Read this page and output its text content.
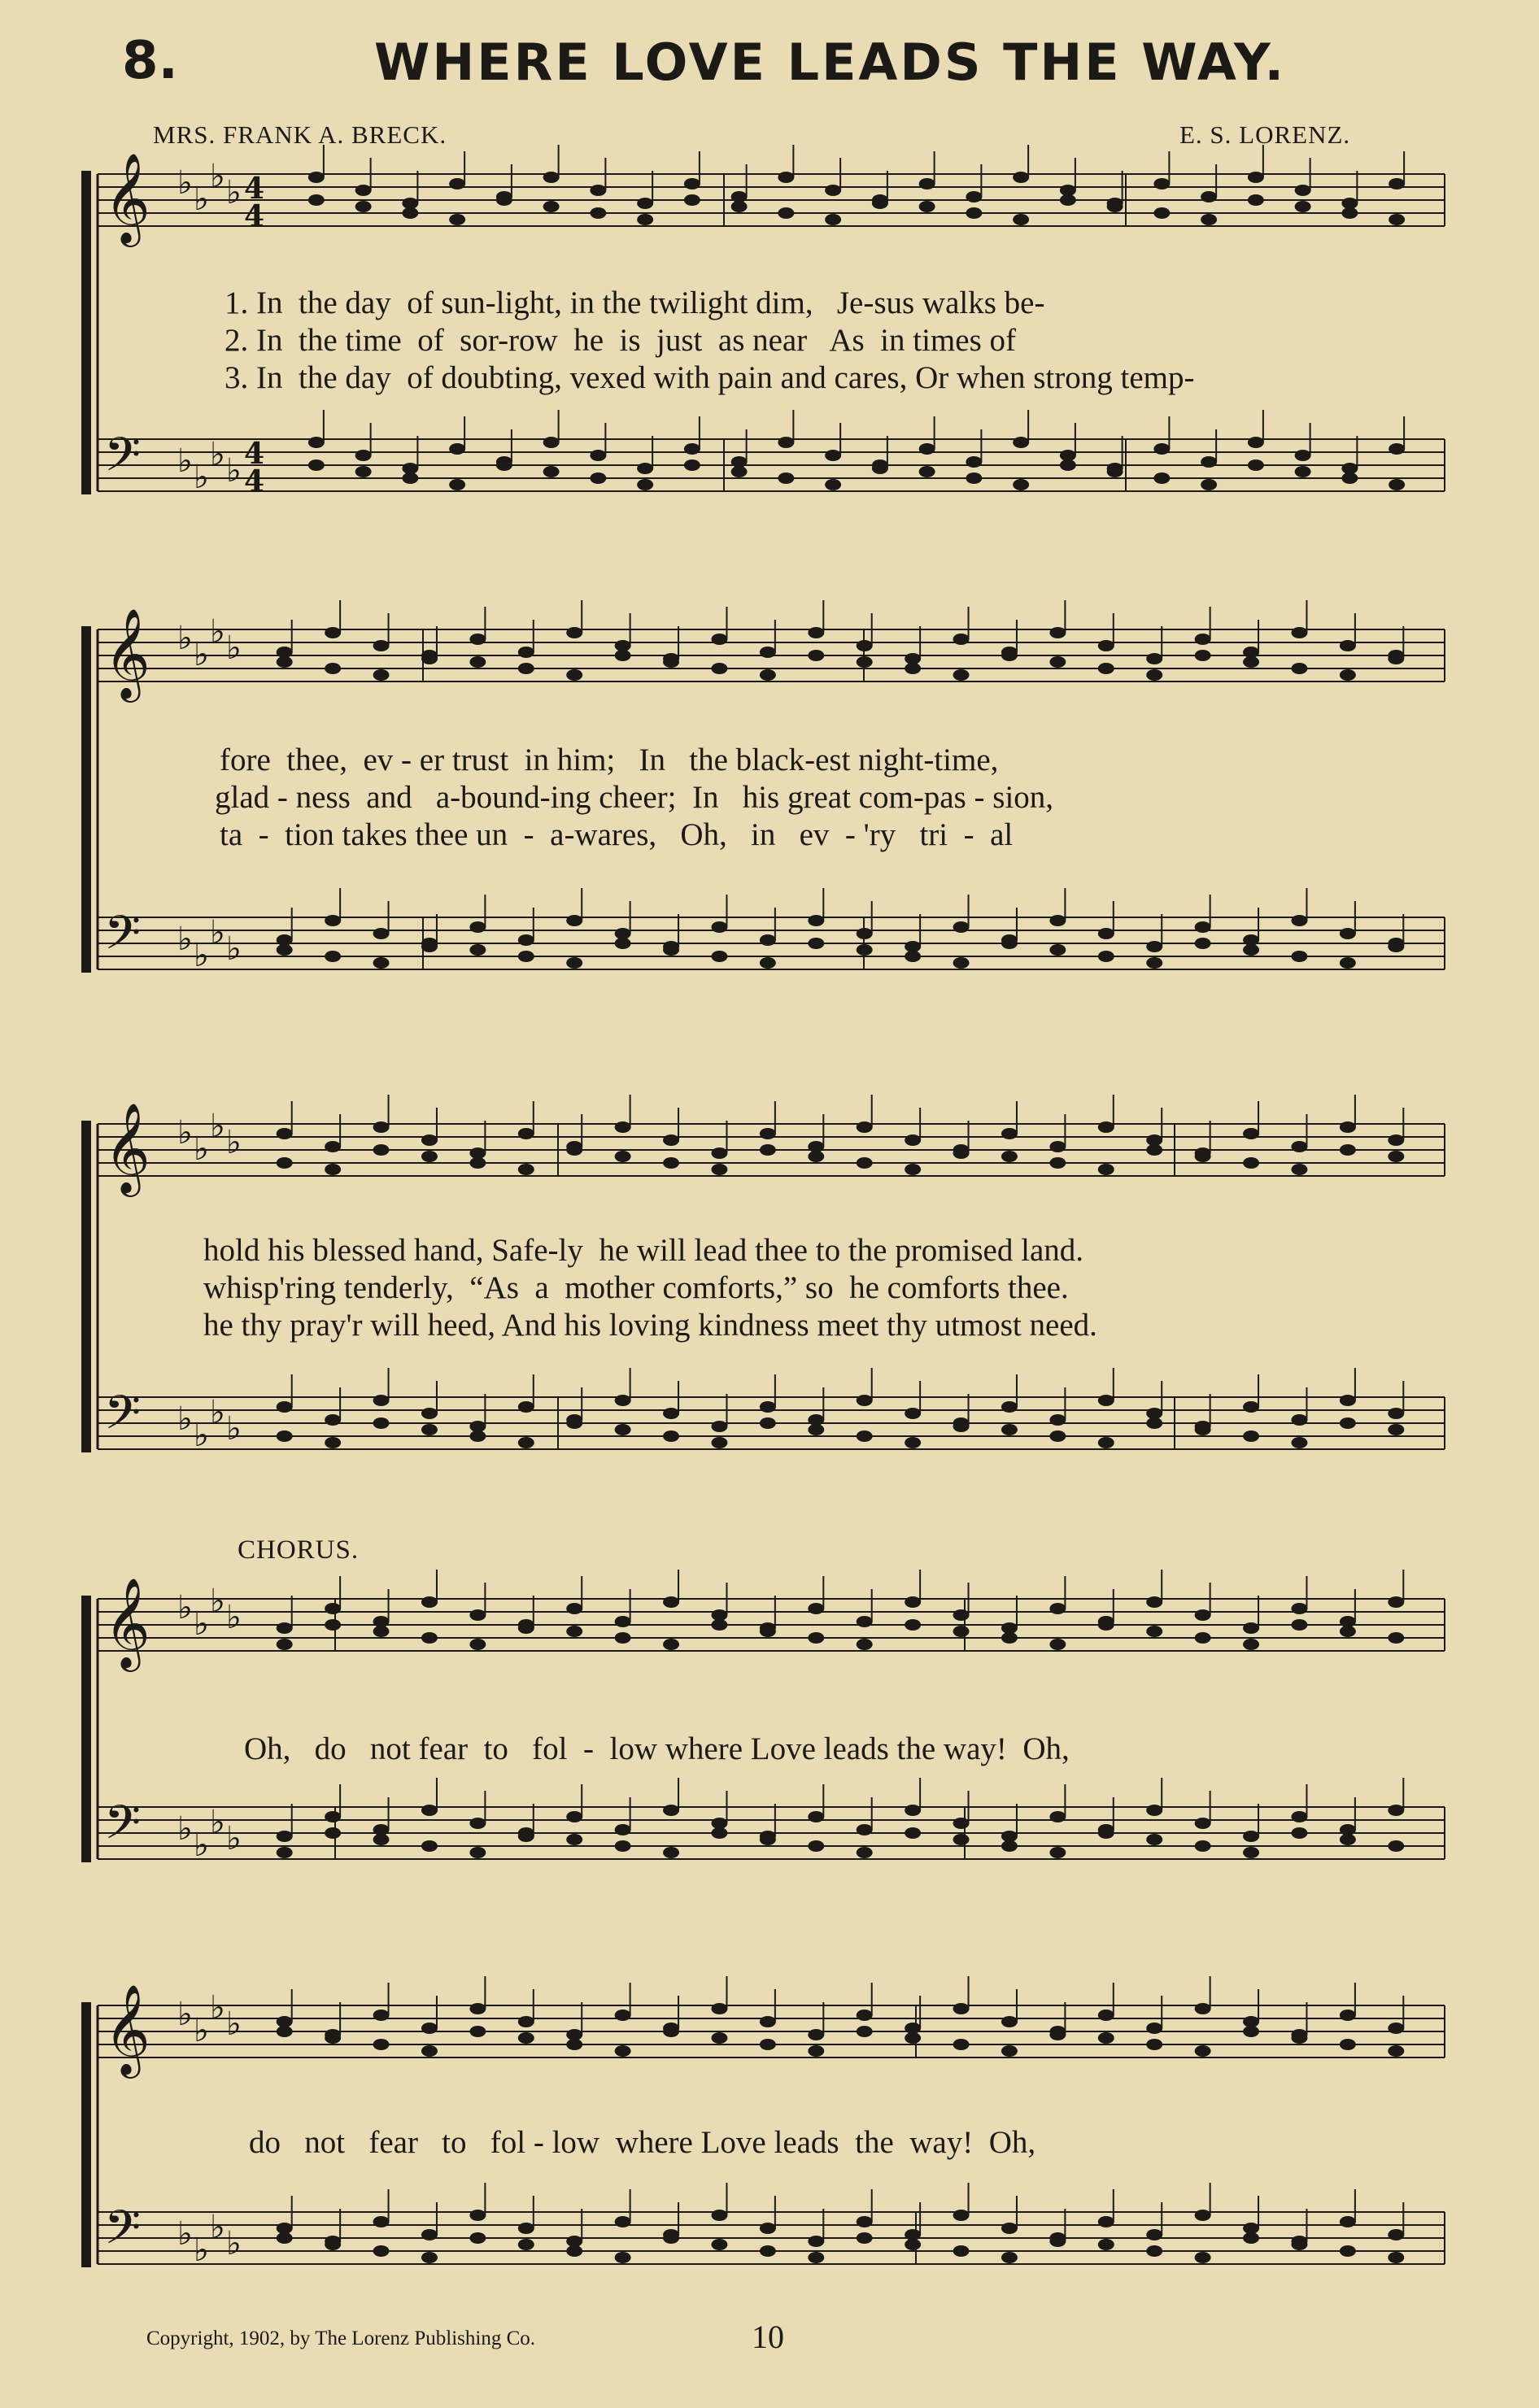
8.	WHERE LOVE LEADS THE WAY.
MRS. FRANK A. BRECK.	E. S. LORENZ.
𝄞 ♭ ♭
♭ ♭ 4
4
𝄢 ♭ ♭
♭ ♭ 4
4
𝄞 ♭ ♭
♭ ♭
𝄢 ♭ ♭
♭ ♭
𝄞 ♭ ♭
♭ ♭
𝄢 ♭ ♭
♭ ♭
𝄞 ♭ ♭
♭ ♭
𝄢 ♭ ♭
♭ ♭
𝄞 ♭ ♭
♭ ♭
𝄢 ♭ ♭
♭ ♭
1. In  the day  of sun-light, in the twilight dim,   Je-sus walks be-
2. In  the time  of  sor-row  he  is  just  as near   As  in times of
3. In  the day  of doubting, vexed with pain and cares, Or when strong temp-
fore  thee,  ev - er trust  in him;   In   the black-est night-time,
glad - ness  and   a-bound-ing cheer;  In   his great com-pas - sion,
ta  -  tion takes thee un  -  a-wares,   Oh,   in   ev  - 'ry   tri  -  al
hold his blessed hand, Safe-ly  he will lead thee to the promised land.
whisp'ring tenderly,  “As  a  mother comforts,” so  he comforts thee.
he thy pray'r will heed, And his loving kindness meet thy utmost need.
CHORUS.
Oh,   do   not fear  to   fol  -  low where Love leads the way!  Oh,
do   not   fear   to   fol - low  where Love leads  the  way!  Oh,
Copyright, 1902, by The Lorenz Publishing Co.	10
